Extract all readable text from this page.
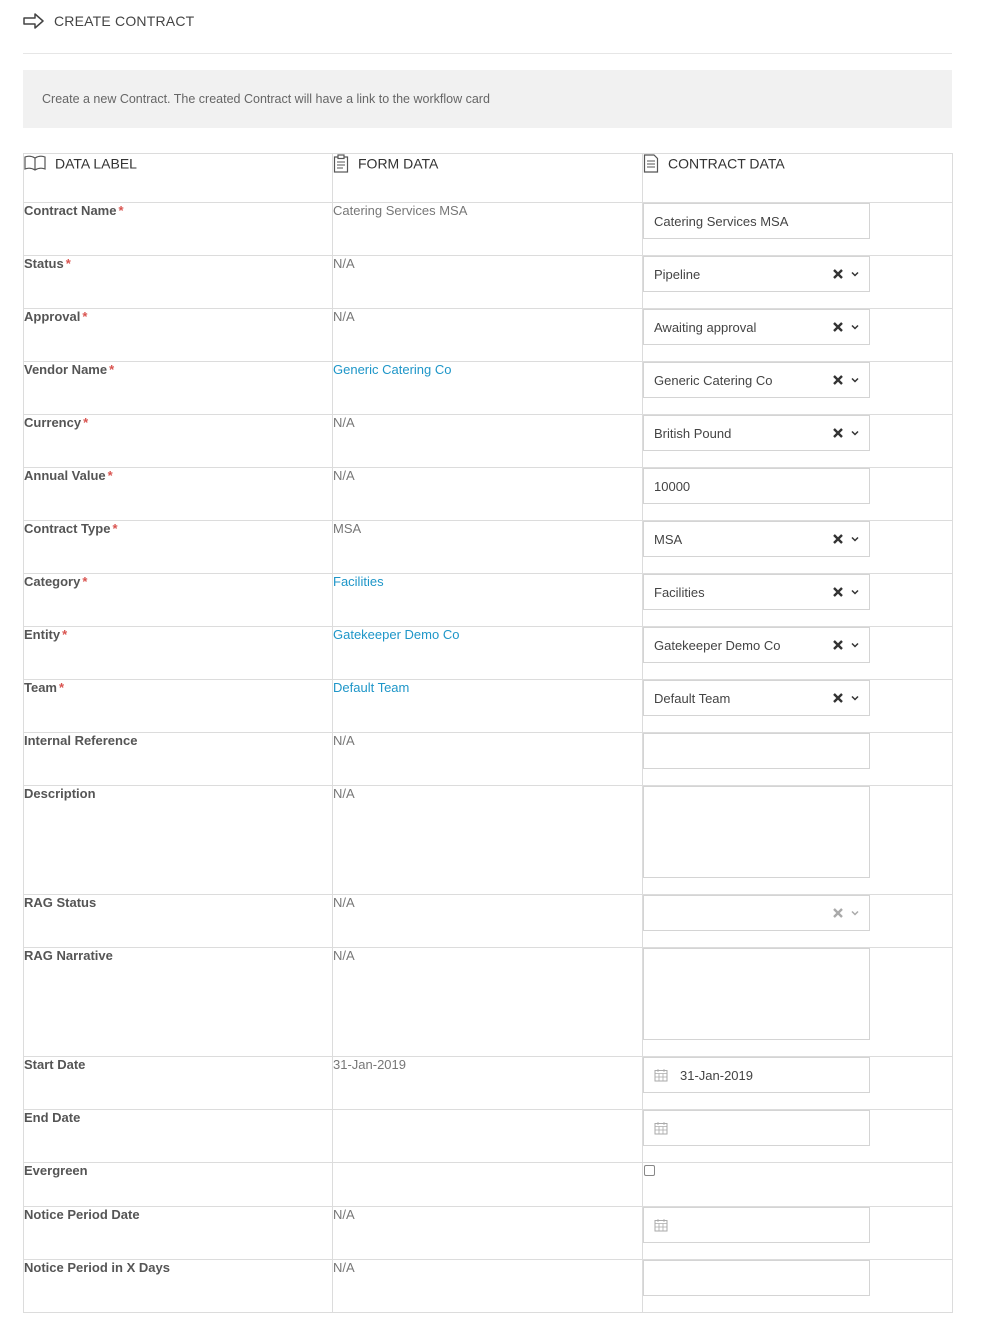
CREATE CONTRACT
Create a new Contract. The created Contract will have a link to the workflow card
DATA LABEL	FORM DATA	CONTRACT DATA
Contract Name *	Catering Services MSA	Catering Services MSA

Status *	N/A	Pipeline

Approval *	N/A	Awaiting approval

Vendor Name *	Generic Catering Co	Generic Catering Co

Currency *	N/A	British Pound

Annual Value *	N/A	10000

Contract Type *	MSA	MSA

Category *	Facilities	Facilities

Entity *	Gatekeeper Demo Co	Gatekeeper Demo Co

Team *	Default Team	Default Team

Internal Reference	N/A	

Description	N/A	

RAG Status	N/A	

RAG Narrative	N/A	

Start Date	31-Jan-2019	31-Jan-2019

End Date		

Evergreen		

Notice Period Date	N/A	

Notice Period in X Days	N/A	
